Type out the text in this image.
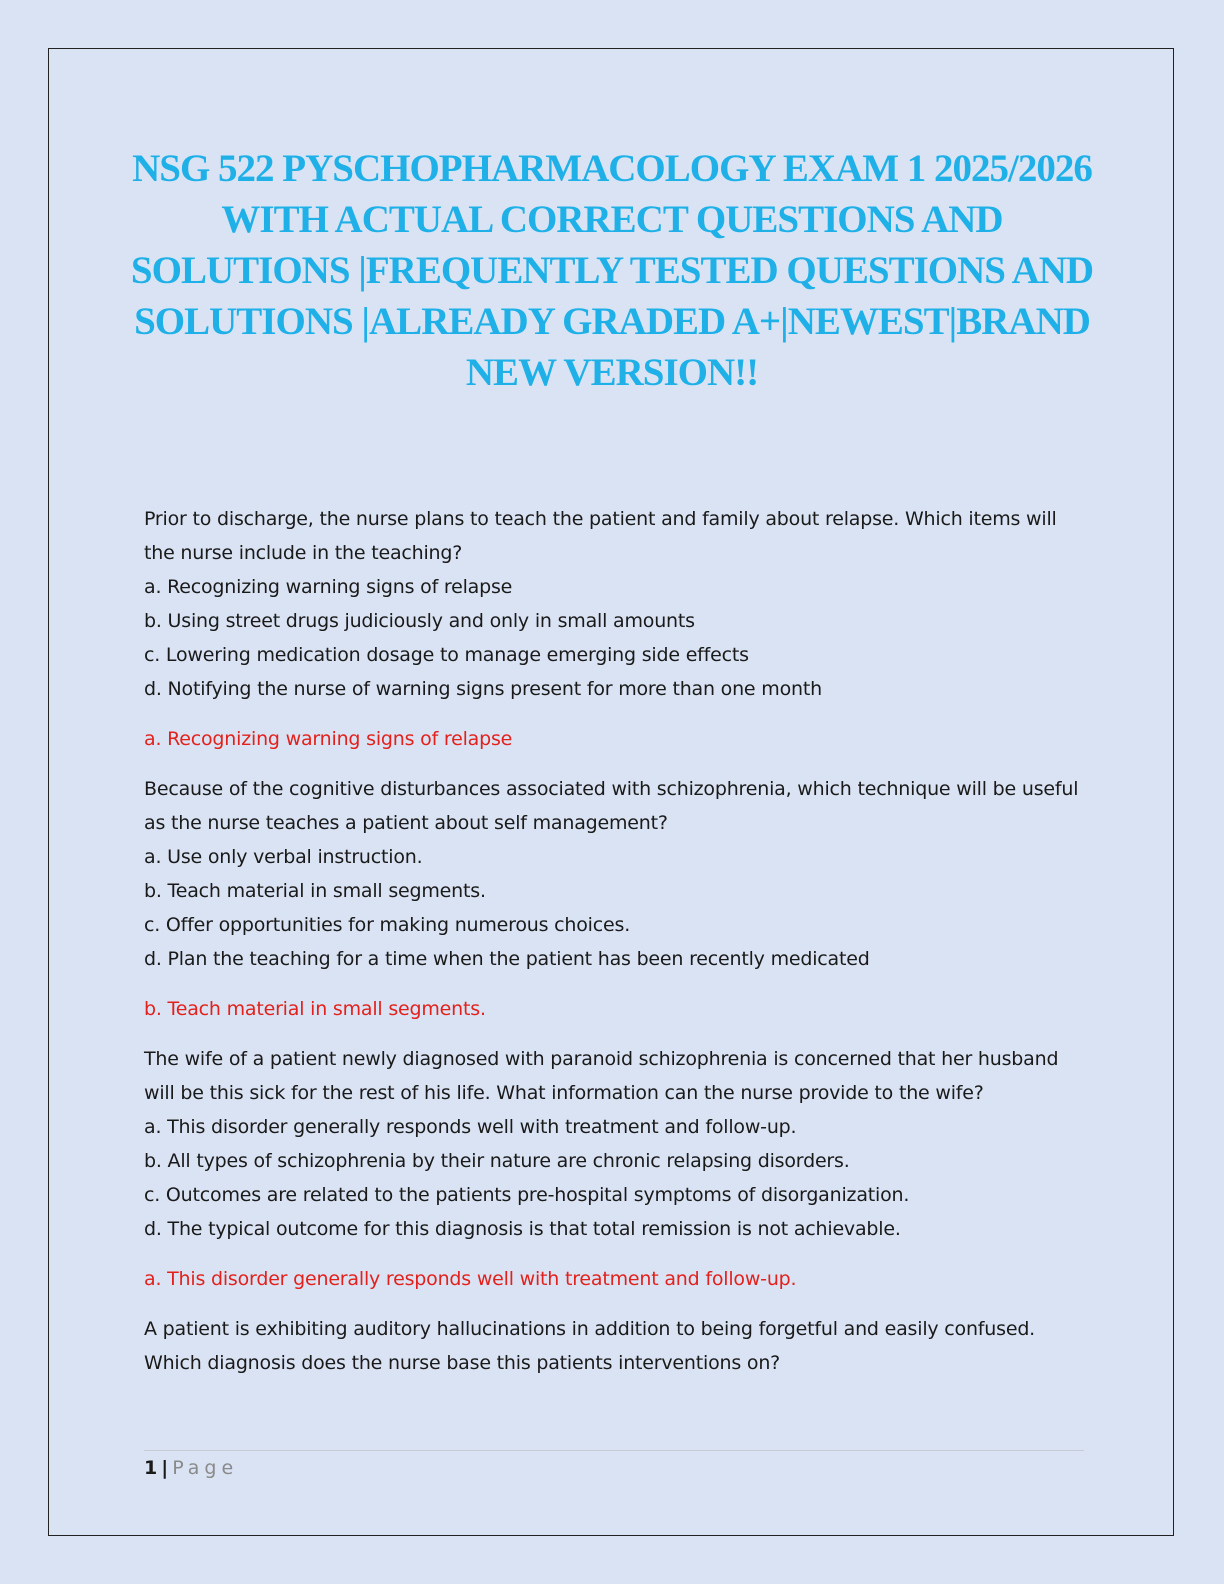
NSG 522 PYSCHOPHARMACOLOGY EXAM 1 2025/2026 WITH ACTUAL CORRECT QUESTIONS AND SOLUTIONS |FREQUENTLY TESTED QUESTIONS AND SOLUTIONS |ALREADY GRADED A+|NEWEST|BRAND NEW VERSION!!

Prior to discharge, the nurse plans to teach the patient and family about relapse. Which items will the nurse include in the teaching?

a. Recognizing warning signs of relapse

b. Using street drugs judiciously and only in small amounts

c. Lowering medication dosage to manage emerging side effects

d. Notifying the nurse of warning signs present for more than one month

a. Recognizing warning signs of relapse

Because of the cognitive disturbances associated with schizophrenia, which technique will be useful as the nurse teaches a patient about self management?

a. Use only verbal instruction.

b. Teach material in small segments.

c. Offer opportunities for making numerous choices.

d. Plan the teaching for a time when the patient has been recently medicated

b. Teach material in small segments.

The wife of a patient newly diagnosed with paranoid schizophrenia is concerned that her husband will be this sick for the rest of his life. What information can the nurse provide to the wife?

a. This disorder generally responds well with treatment and follow-up.

b. All types of schizophrenia by their nature are chronic relapsing disorders.

c. Outcomes are related to the patients pre-hospital symptoms of disorganization.

d. The typical outcome for this diagnosis is that total remission is not achievable.

a. This disorder generally responds well with treatment and follow-up.

A patient is exhibiting auditory hallucinations in addition to being forgetful and easily confused. Which diagnosis does the nurse base this patients interventions on?

1 | Page
